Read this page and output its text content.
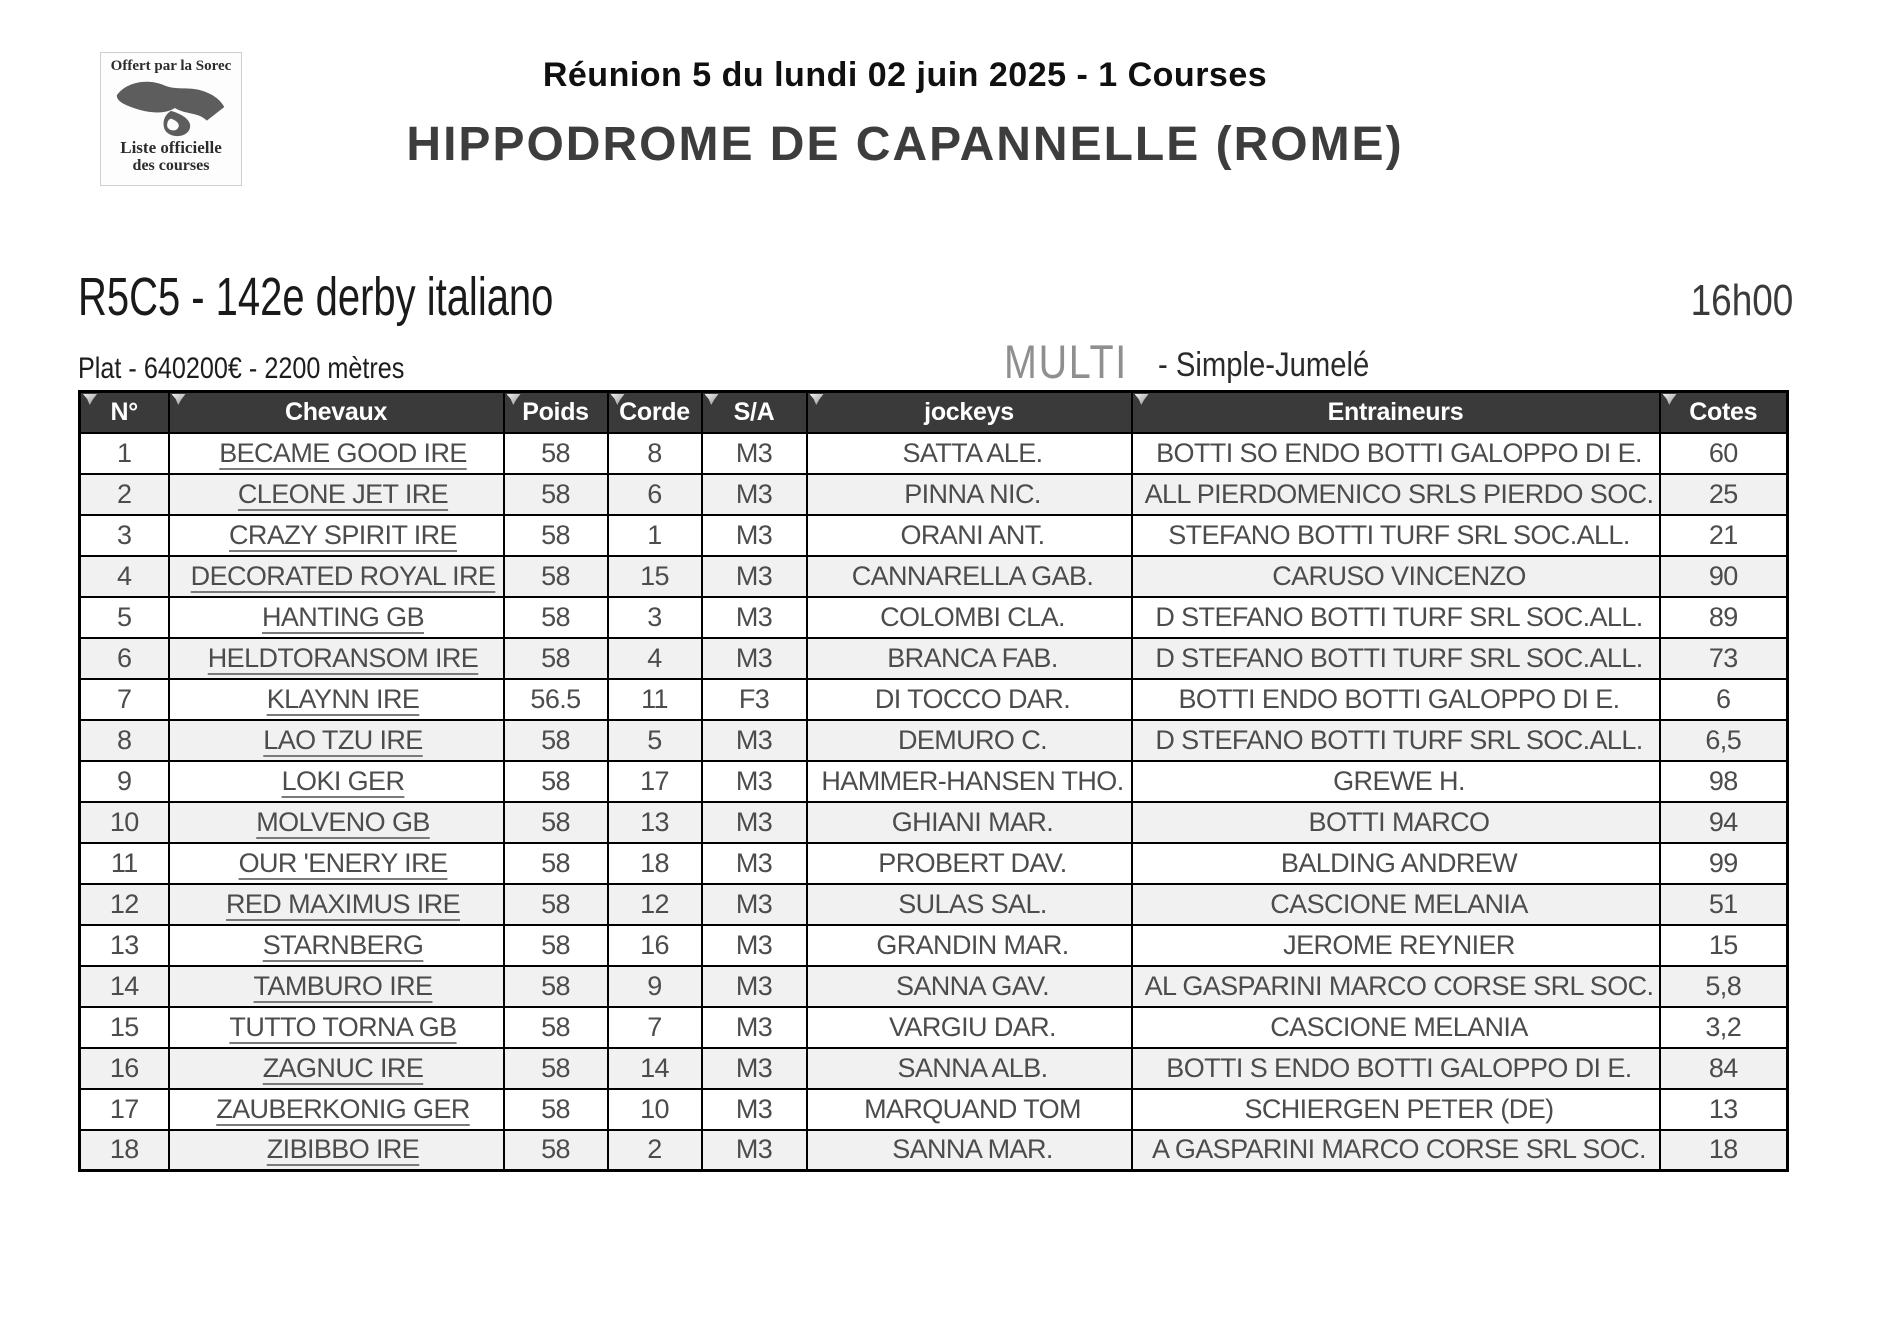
Offert par la Sorec
Liste officielle
des courses
Réunion 5 du lundi 02 juin 2025 - 1 Courses
HIPPODROME DE CAPANNELLE (ROME)
R5C5 - 142e derby italiano	16h00
Plat - 640200€ - 2200 mètres	MULTI - Simple-Jumelé
N°	Chevaux	Poids	Corde	S/A	jockeys	Entraineurs	Cotes
1	BECAME GOOD IRE	58	8	M3	SATTA ALE.	BOTTI SO ENDO BOTTI GALOPPO DI E.	60
2	CLEONE JET IRE	58	6	M3	PINNA NIC.	ALL PIERDOMENICO SRLS PIERDO SOC.	25
3	CRAZY SPIRIT IRE	58	1	M3	ORANI ANT.	STEFANO BOTTI TURF SRL SOC.ALL.	21
4	DECORATED ROYAL IRE	58	15	M3	CANNARELLA GAB.	CARUSO VINCENZO	90
5	HANTING GB	58	3	M3	COLOMBI CLA.	D STEFANO BOTTI TURF SRL SOC.ALL.	89
6	HELDTORANSOM IRE	58	4	M3	BRANCA FAB.	D STEFANO BOTTI TURF SRL SOC.ALL.	73
7	KLAYNN IRE	56.5	11	F3	DI TOCCO DAR.	BOTTI ENDO BOTTI GALOPPO DI E.	6
8	LAO TZU IRE	58	5	M3	DEMURO C.	D STEFANO BOTTI TURF SRL SOC.ALL.	6,5
9	LOKI GER	58	17	M3	HAMMER-HANSEN THO.	GREWE H.	98
10	MOLVENO GB	58	13	M3	GHIANI MAR.	BOTTI MARCO	94
11	OUR 'ENERY IRE	58	18	M3	PROBERT DAV.	BALDING ANDREW	99
12	RED MAXIMUS IRE	58	12	M3	SULAS SAL.	CASCIONE MELANIA	51
13	STARNBERG	58	16	M3	GRANDIN MAR.	JEROME REYNIER	15
14	TAMBURO IRE	58	9	M3	SANNA GAV.	AL GASPARINI MARCO CORSE SRL SOC.	5,8
15	TUTTO TORNA GB	58	7	M3	VARGIU DAR.	CASCIONE MELANIA	3,2
16	ZAGNUC IRE	58	14	M3	SANNA ALB.	BOTTI S ENDO BOTTI GALOPPO DI E.	84
17	ZAUBERKONIG GER	58	10	M3	MARQUAND TOM	SCHIERGEN PETER (DE)	13
18	ZIBIBBO IRE	58	2	M3	SANNA MAR.	A GASPARINI MARCO CORSE SRL SOC.	18
